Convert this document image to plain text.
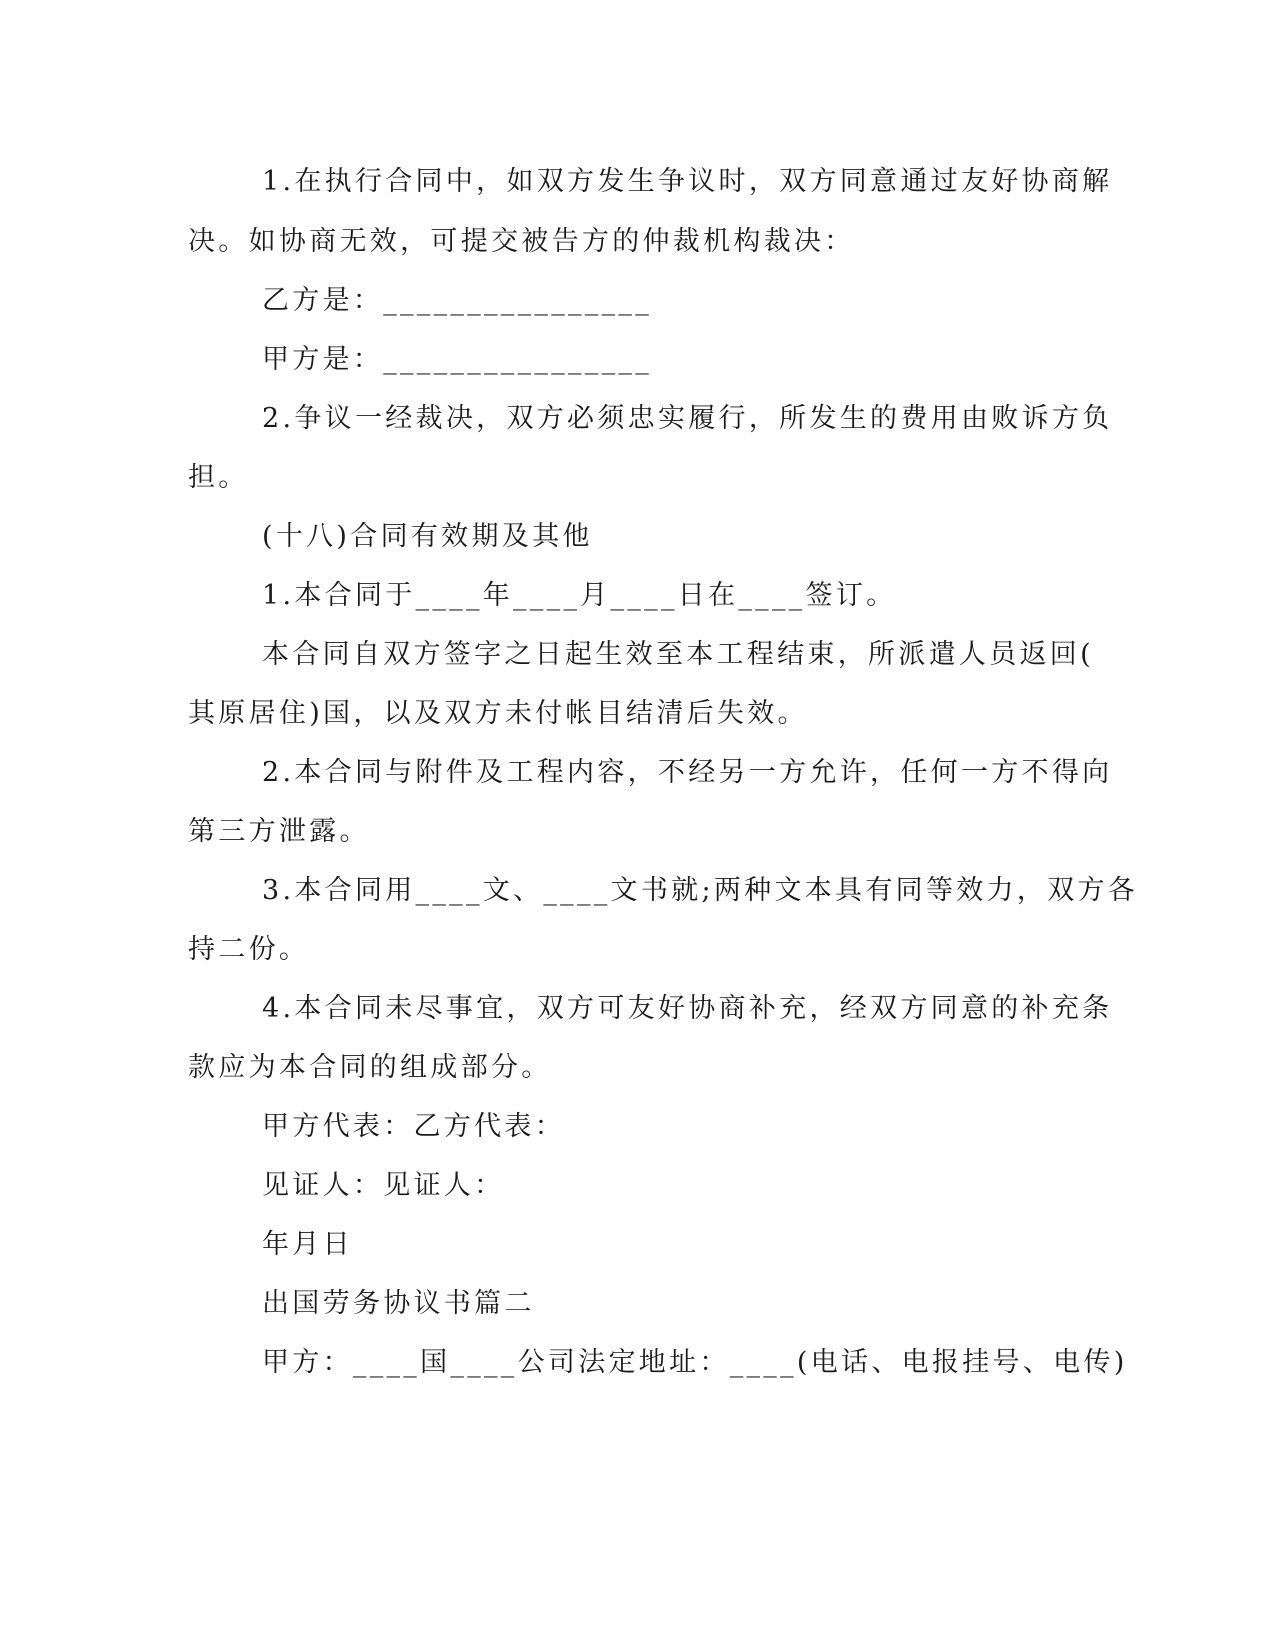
1.在执行合同中，如双方发生争议时，双方同意通过友好协商解
决。如协商无效，可提交被告方的仲裁机构裁决：
乙方是：________________
甲方是：________________
2.争议一经裁决，双方必须忠实履行，所发生的费用由败诉方负
担。
(十八)合同有效期及其他
1.本合同于____年____月____日在____签订。
本合同自双方签字之日起生效至本工程结束，所派遣人员返回(
其原居住)国，以及双方未付帐目结清后失效。
2.本合同与附件及工程内容，不经另一方允许，任何一方不得向
第三方泄露。
3.本合同用____文、____文书就;两种文本具有同等效力，双方各
持二份。
4.本合同未尽事宜，双方可友好协商补充，经双方同意的补充条
款应为本合同的组成部分。
甲方代表：乙方代表：
见证人：见证人：
年月日
出国劳务协议书篇二
甲方：____国____公司法定地址：____(电话、电报挂号、电传)
